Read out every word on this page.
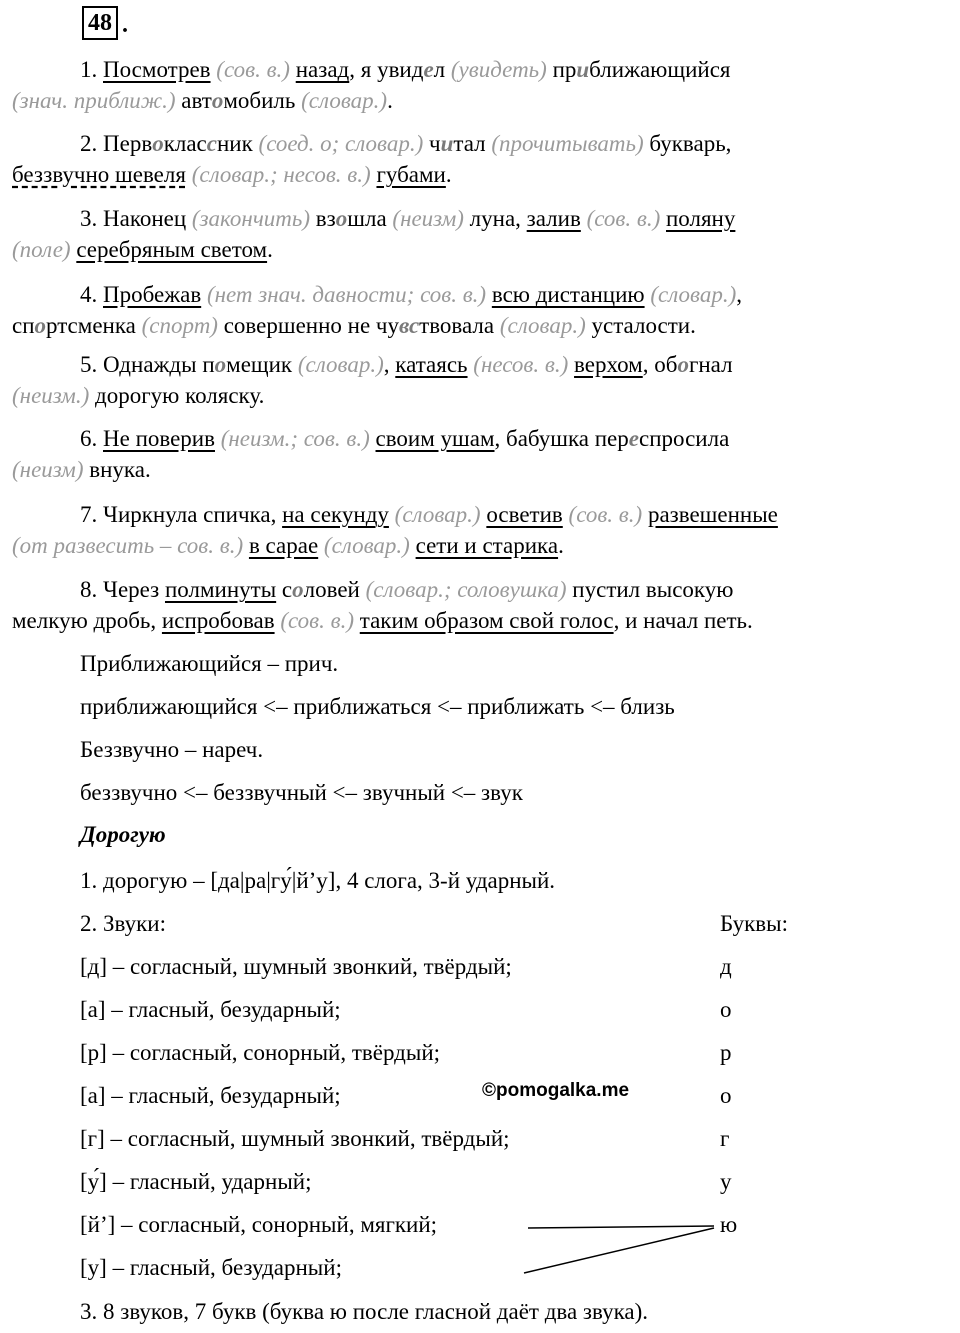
48 .

1. Посмотрев (сов. в.) назад, я увидел (увидеть) приближающийся
(знач. приближ.) автомобиль (словар.).

2. Первоклассник (соед. о; словар.) читал (прочитывать) букварь,
беззвучно шевеля (словар.; несов. в.) губами.

3. Наконец (закончить) взошла (неизм) луна, залив (сов. в.) поляну
(поле) серебряным светом.

4. Пробежав (нет знач. давности; сов. в.) всю дистанцию (словар.),
спортсменка (спорт) совершенно не чувствовала (словар.) усталости.

5. Однажды помещик (словар.), катаясь (несов. в.) верхом, обогнал
(неизм.) дорогую коляску.

6. Не поверив (неизм.; сов. в.) своим ушам, бабушка переспросила
(неизм) внука.

7. Чиркнула спичка, на секунду (словар.) осветив (сов. в.) развешенные
(от развесить – сов. в.) в сарае (словар.) сети и старика.

8. Через полминуты соловей (словар.; соловушка) пустил высокую
мелкую дробь, испробовав (сов. в.) таким образом свой голос, и начал петь.

Приближающийся – прич.
приближающийся <– приближаться <– приближать <– близь
Беззвучно – нареч.
беззвучно <– беззвучный <– звучный <– звук
Дорогую
1. дорогую – [да|ра|гу́|й’у], 4 слога, 3-й ударный.
2. Звуки:	Буквы:
[д] – согласный, шумный звонкий, твёрдый;	д
[а] – гласный, безударный;	о
[р] – согласный, сонорный, твёрдый;	р
[а] – гласный, безударный;	о
[г] – согласный, шумный звонкий, твёрдый;	г
[у́] – гласный, ударный;	у
[й’] – согласный, сонорный, мягкий;	ю
[у] – гласный, безударный;
3. 8 звуков, 7 букв (буква ю после гласной даёт два звука).
©pomogalka.me
